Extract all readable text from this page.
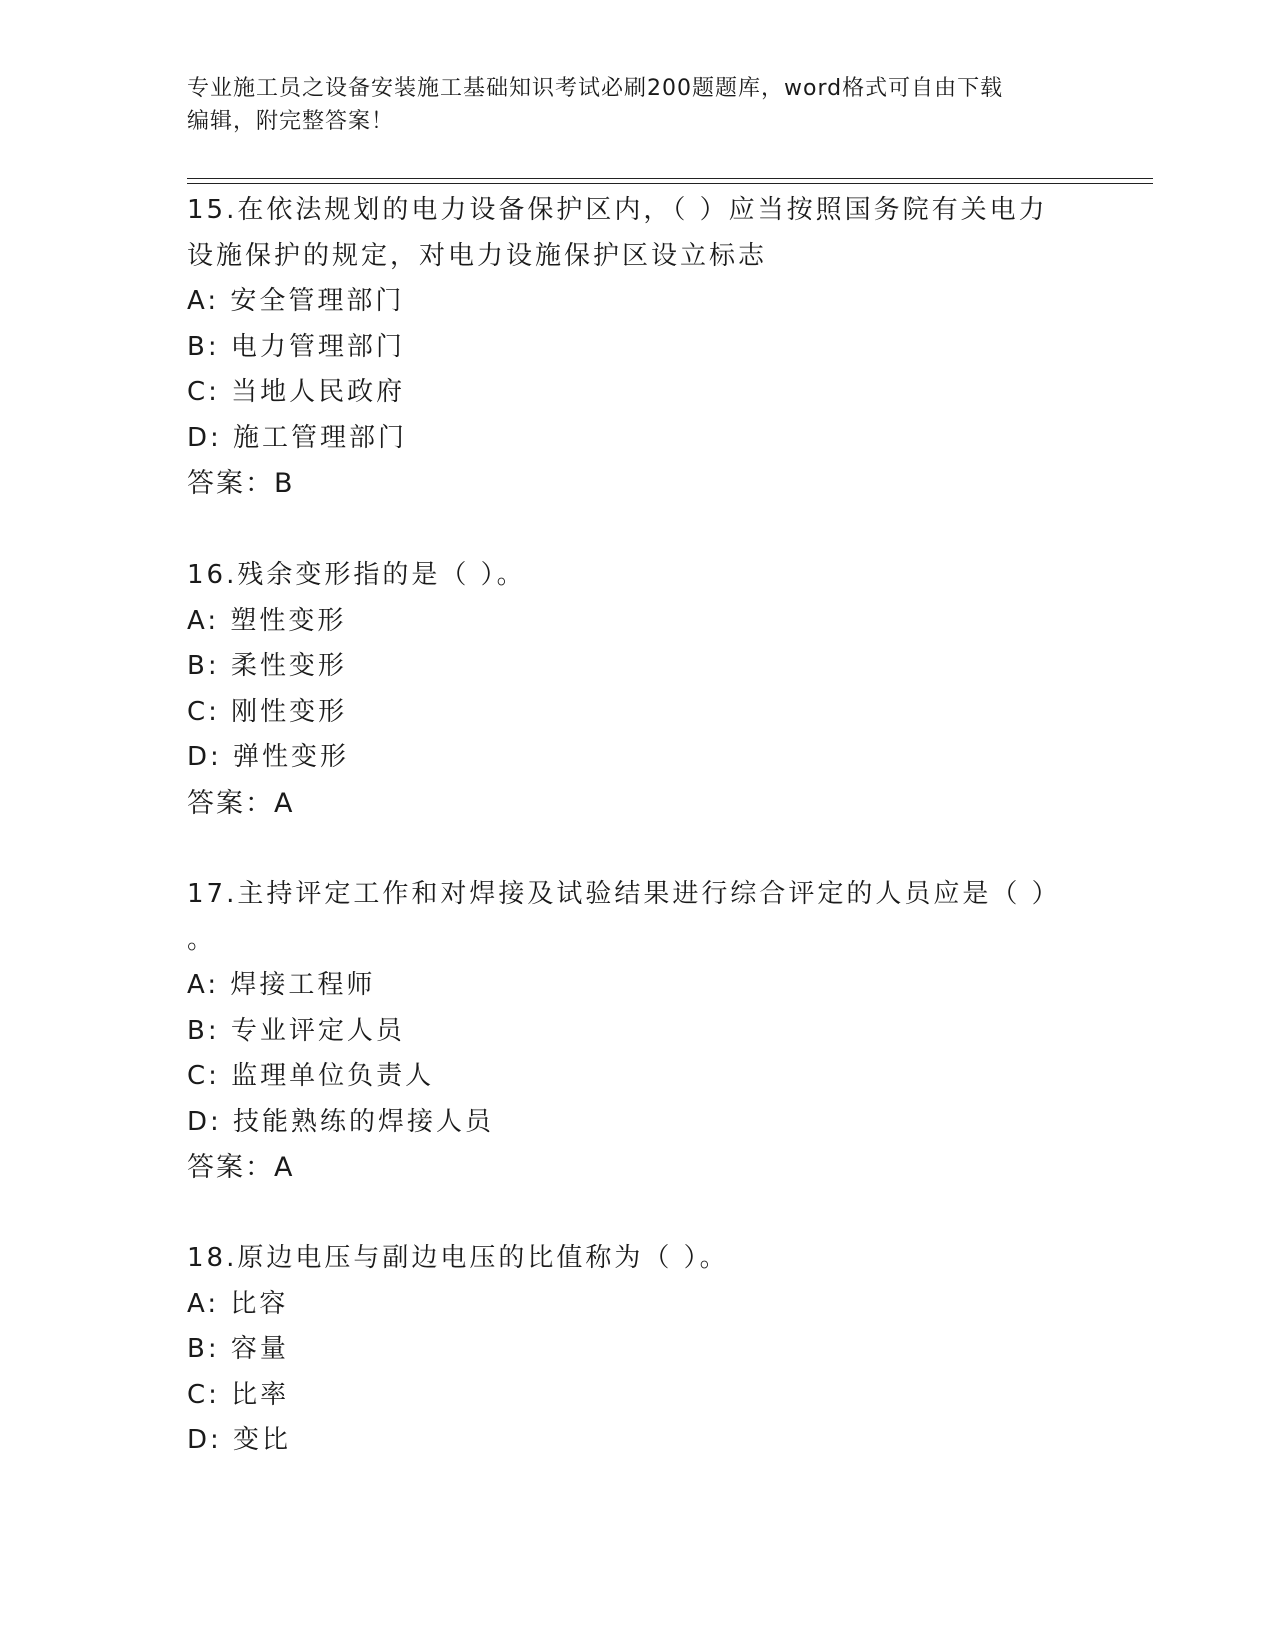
专业施工员之设备安装施工基础知识考试必刷200题题库，word格式可自由下载
编辑，附完整答案！
15.在依法规划的电力设备保护区内，（ ）应当按照国务院有关电力
设施保护的规定，对电力设施保护区设立标志
A: 安全管理部门
B: 电力管理部门
C: 当地人民政府
D: 施工管理部门
答案：B
16.残余变形指的是（ ）。
A: 塑性变形
B: 柔性变形
C: 刚性变形
D: 弹性变形
答案：A
17.主持评定工作和对焊接及试验结果进行综合评定的人员应是（ ）
。
A: 焊接工程师
B: 专业评定人员
C: 监理单位负责人
D: 技能熟练的焊接人员
答案：A
18.原边电压与副边电压的比值称为（ ）。
A: 比容
B: 容量
C: 比率
D: 变比
